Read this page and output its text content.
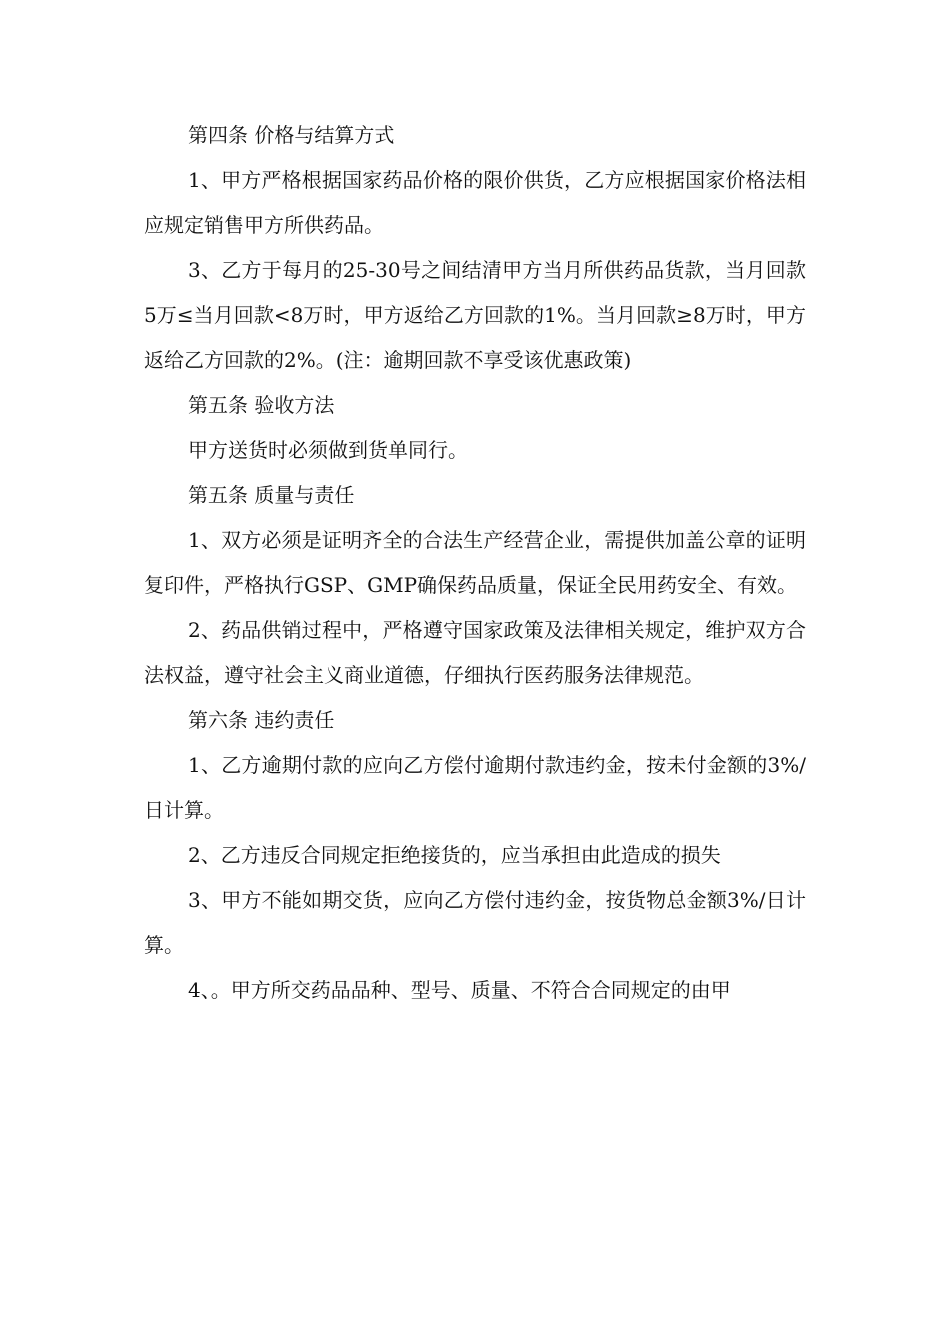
第四条 价格与结算方式

1、甲方严格根据国家药品价格的限价供货，乙方应根据国家价格法相应规定销售甲方所供药品。

3、乙方于每月的25-30号之间结清甲方当月所供药品货款，当月回款5万≤当月回款<8万时，甲方返给乙方回款的1%。当月回款≥8万时，甲方返给乙方回款的2%。(注：逾期回款不享受该优惠政策)

第五条 验收方法

甲方送货时必须做到货单同行。

第五条 质量与责任

1、双方必须是证明齐全的合法生产经营企业，需提供加盖公章的证明复印件，严格执行GSP、GMP确保药品质量，保证全民用药安全、有效。

2、药品供销过程中，严格遵守国家政策及法律相关规定，维护双方合法权益，遵守社会主义商业道德，仔细执行医药服务法律规范。

第六条 违约责任

1、乙方逾期付款的应向乙方偿付逾期付款违约金，按未付金额的3%/日计算。

2、乙方违反合同规定拒绝接货的，应当承担由此造成的损失

3、甲方不能如期交货，应向乙方偿付违约金，按货物总金额3%/日计算。

4、。甲方所交药品品种、型号、质量、不符合合同规定的由甲
